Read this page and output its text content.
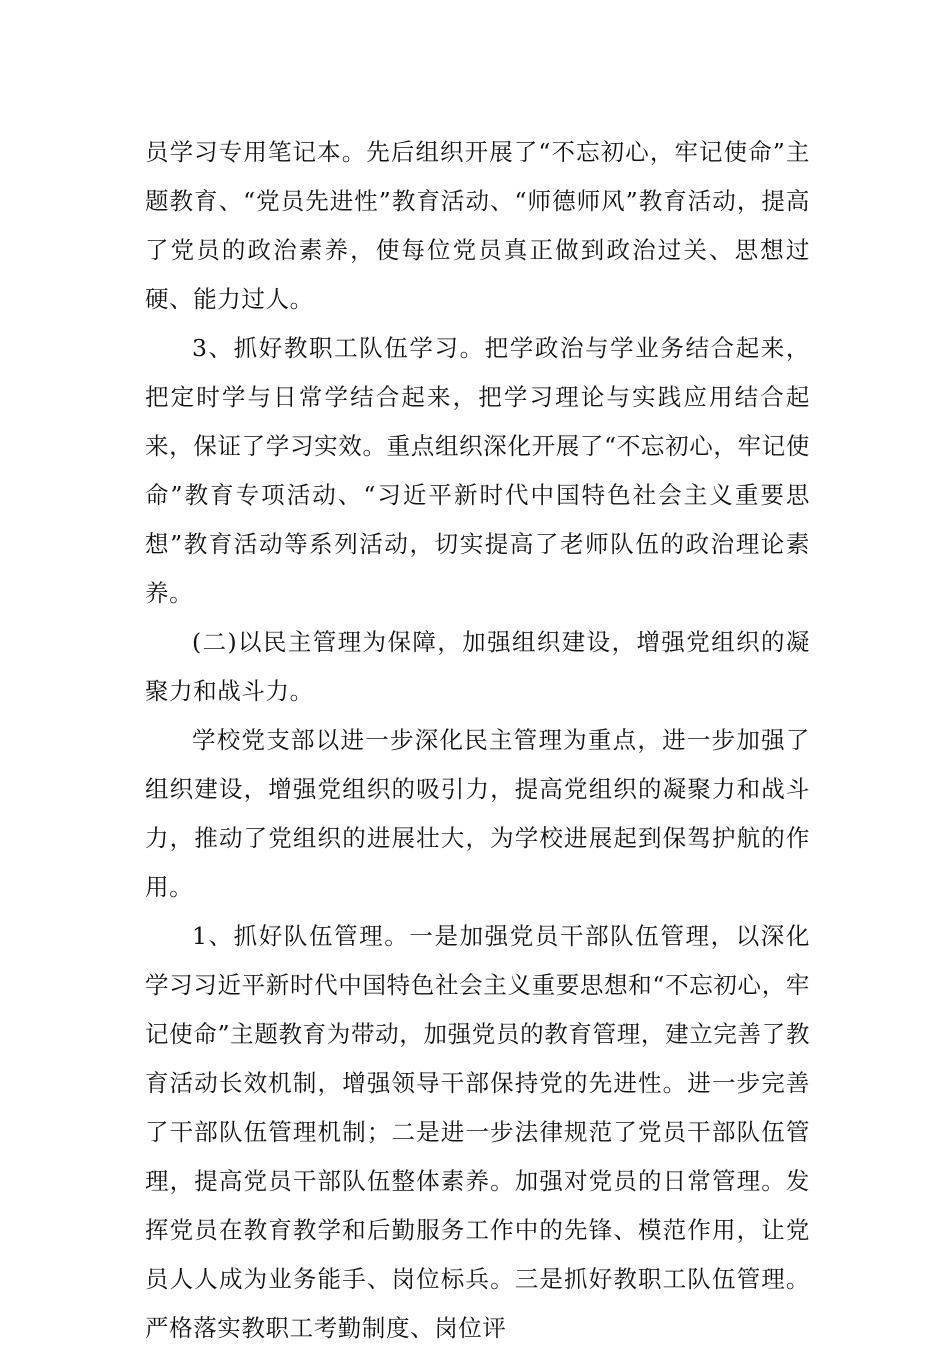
员学习专用笔记本。先后组织开展了“不忘初心，牢记使命”主题教育、“党员先进性”教育活动、“师德师风”教育活动，提高了党员的政治素养，使每位党员真正做到政治过关、思想过硬、能力过人。

3、抓好教职工队伍学习。把学政治与学业务结合起来，把定时学与日常学结合起来，把学习理论与实践应用结合起来，保证了学习实效。重点组织深化开展了“不忘初心，牢记使命”教育专项活动、“习近平新时代中国特色社会主义重要思想”教育活动等系列活动，切实提高了老师队伍的政治理论素养。

(二)以民主管理为保障，加强组织建设，增强党组织的凝聚力和战斗力。

学校党支部以进一步深化民主管理为重点，进一步加强了组织建设，增强党组织的吸引力，提高党组织的凝聚力和战斗力，推动了党组织的进展壮大，为学校进展起到保驾护航的作用。

1、抓好队伍管理。一是加强党员干部队伍管理，以深化学习习近平新时代中国特色社会主义重要思想和“不忘初心，牢记使命”主题教育为带动，加强党员的教育管理，建立完善了教育活动长效机制，增强领导干部保持党的先进性。进一步完善了干部队伍管理机制；二是进一步法律规范了党员干部队伍管理，提高党员干部队伍整体素养。加强对党员的日常管理。发挥党员在教育教学和后勤服务工作中的先锋、模范作用，让党员人人成为业务能手、岗位标兵。三是抓好教职工队伍管理。严格落实教职工考勤制度、岗位评
